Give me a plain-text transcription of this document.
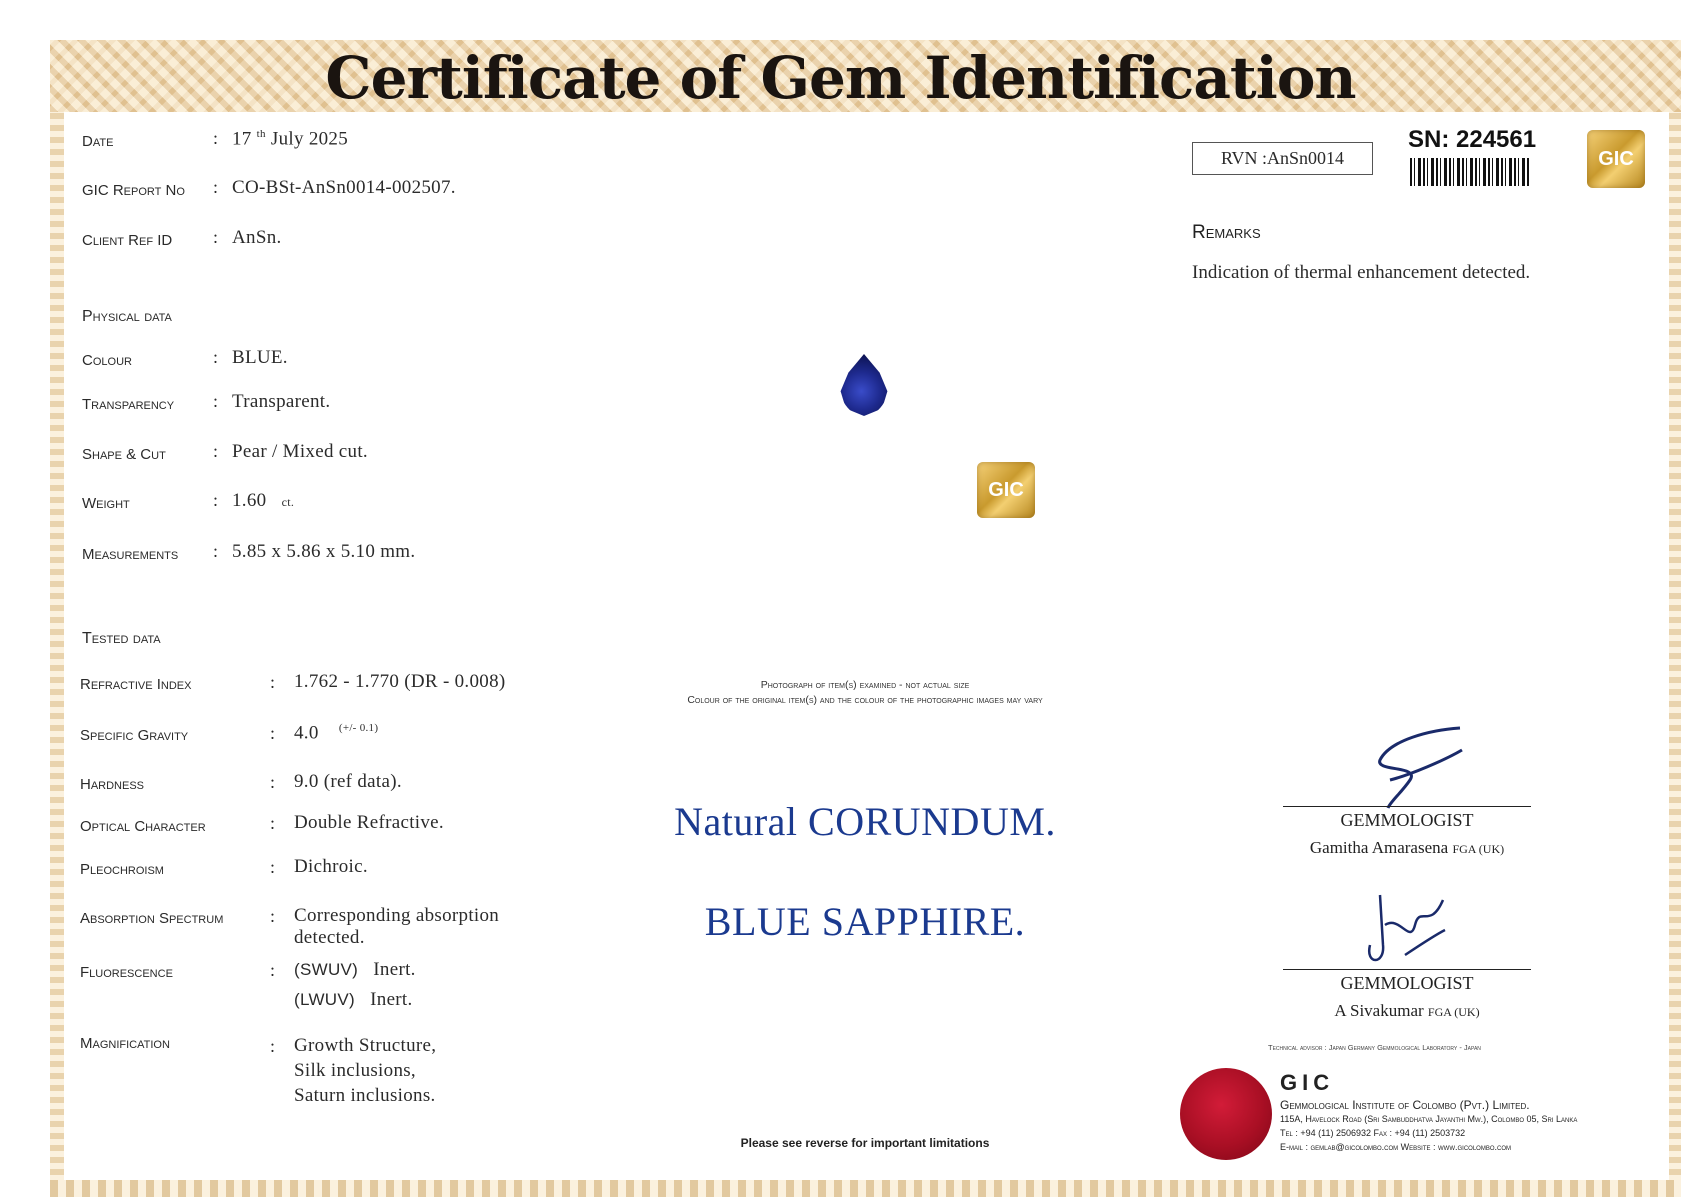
Certificate of Gem Identification
Date	: 17 $^{th}$ July 2025
GIC Report No : CO-BSt-AnSn0014-002507.
Client Ref ID : AnSn.
Physical data
Colour	: BLUE.
Transparency : Transparent.
Shape & Cut	: Pear / Mixed cut.
Weight	: 1.60 ct.
Measurements : 5.85 x 5.86 x 5.10 mm.
Tested data
Refractive Index	: 1.762 - 1.770 (DR - 0.008)
Specific Gravity	: 4.0 $^{(+/- 0.1)}$
Hardness	: 9.0 (ref data).
Optical Character	: Double Refractive.
Pleochroism	: Dichroic.
Absorption Spectrum	: Corresponding absorption
detected.
Fluorescence	: (SWUV) Inert.
(LWUV) Inert.
Magnification	: Growth Structure,
Silk inclusions,
Saturn inclusions.
RVN :AnSn0014
SN: 224561
GIC
Remarks
Indication of thermal enhancement detected.
GIC
Photograph of item(s) examined - not actual size
Colour of the original item(s) and the colour of the photographic images may vary
Natural CORUNDUM.
BLUE SAPPHIRE.
GEMMOLOGIST
Gamitha Amarasena FGA (UK)
GEMMOLOGIST
A Sivakumar FGA (UK)
Technical advisor : Japan Germany Gemmological Laboratory - Japan
GIC
Gemmological Institute of Colombo (Pvt.) Limited.
115A, Havelock Road (Sri Sambuddhatva Jayanthi Mw.), Colombo 05, Sri Lanka
Tel : +94 (11) 2506932 Fax : +94 (11) 2503732
E-mail : gemlab@gicolombo.com Website : www.gicolombo.com
Please see reverse for important limitations
